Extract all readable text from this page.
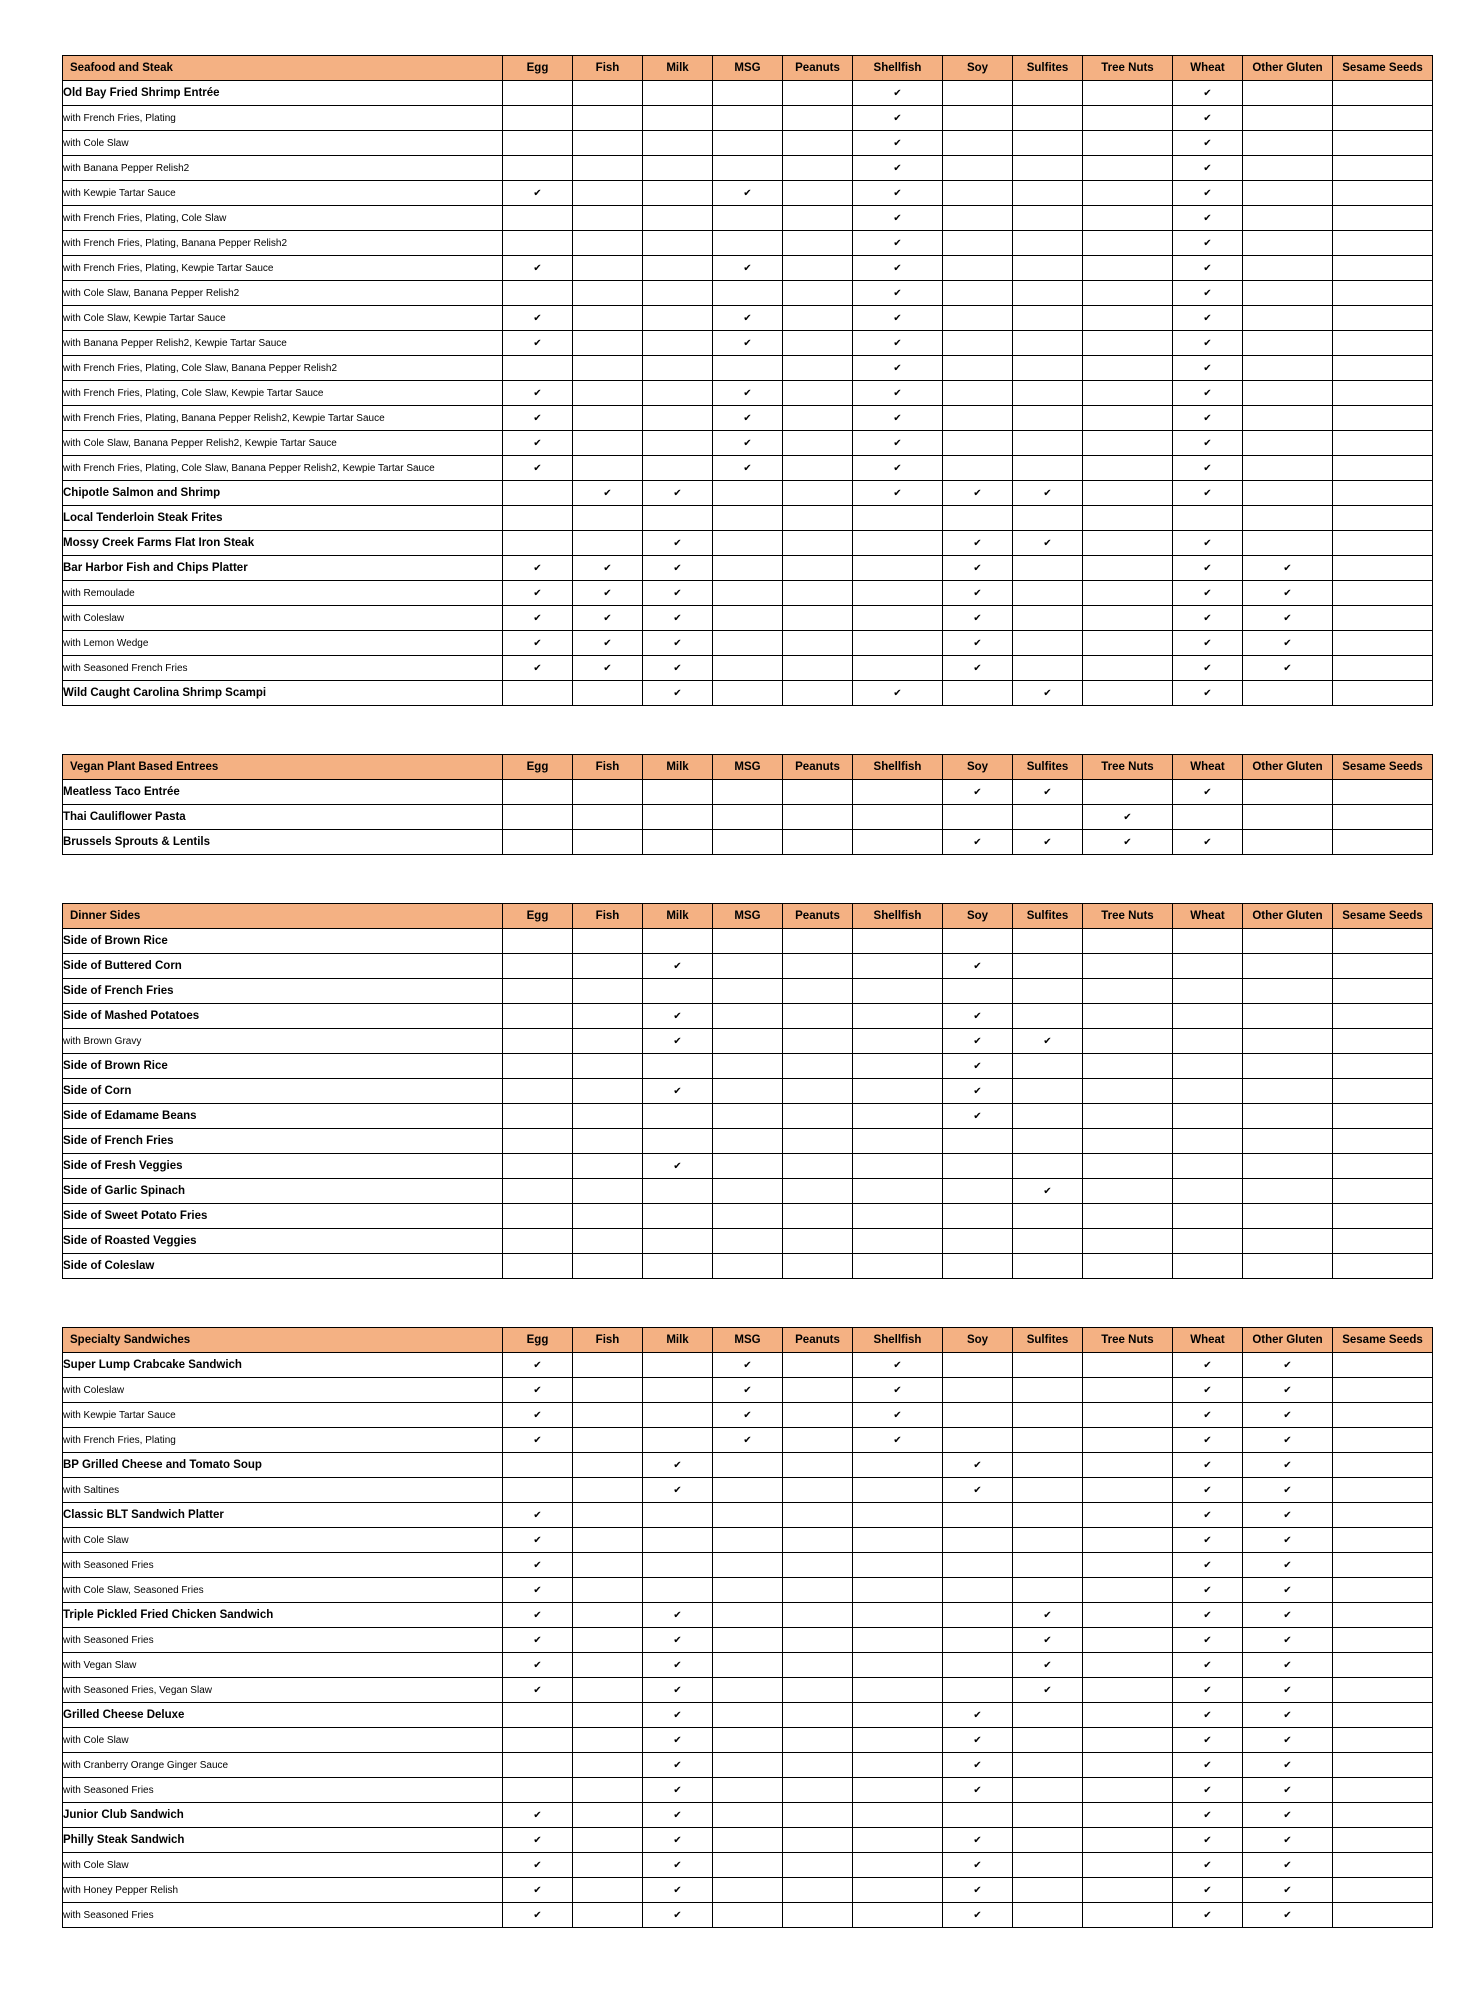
Seafood and Steak	Egg	Fish	Milk	MSG	Peanuts	Shellfish	Soy	Sulfites	Tree Nuts	Wheat	Other Gluten	Sesame Seeds
Old Bay Fried Shrimp Entrée						✔				✔		
with French Fries, Plating						✔				✔		
with Cole Slaw						✔				✔		
with Banana Pepper Relish2						✔				✔		
with Kewpie Tartar Sauce	✔			✔		✔				✔		
with French Fries, Plating, Cole Slaw						✔				✔		
with French Fries, Plating, Banana Pepper Relish2						✔				✔		
with French Fries, Plating, Kewpie Tartar Sauce	✔			✔		✔				✔		
with Cole Slaw, Banana Pepper Relish2						✔				✔		
with Cole Slaw, Kewpie Tartar Sauce	✔			✔		✔				✔		
with Banana Pepper Relish2, Kewpie Tartar Sauce	✔			✔		✔				✔		
with French Fries, Plating, Cole Slaw, Banana Pepper Relish2						✔				✔		
with French Fries, Plating, Cole Slaw, Kewpie Tartar Sauce	✔			✔		✔				✔		
with French Fries, Plating, Banana Pepper Relish2, Kewpie Tartar Sauce	✔			✔		✔				✔		
with Cole Slaw, Banana Pepper Relish2, Kewpie Tartar Sauce	✔			✔		✔				✔		
with French Fries, Plating, Cole Slaw, Banana Pepper Relish2, Kewpie Tartar Sauce	✔			✔		✔				✔		
Chipotle Salmon and Shrimp		✔	✔			✔	✔	✔		✔		
Local Tenderloin Steak Frites												
Mossy Creek Farms Flat Iron Steak			✔				✔	✔		✔		
Bar Harbor Fish and Chips Platter	✔	✔	✔				✔			✔	✔	
with Remoulade	✔	✔	✔				✔			✔	✔	
with Coleslaw	✔	✔	✔				✔			✔	✔	
with Lemon Wedge	✔	✔	✔				✔			✔	✔	
with Seasoned French Fries	✔	✔	✔				✔			✔	✔	
Wild Caught Carolina Shrimp Scampi			✔			✔		✔		✔		
Vegan Plant Based Entrees	Egg	Fish	Milk	MSG	Peanuts	Shellfish	Soy	Sulfites	Tree Nuts	Wheat	Other Gluten	Sesame Seeds
Meatless Taco Entrée							✔	✔		✔		
Thai Cauliflower Pasta									✔			
Brussels Sprouts & Lentils							✔	✔	✔	✔		
Dinner Sides	Egg	Fish	Milk	MSG	Peanuts	Shellfish	Soy	Sulfites	Tree Nuts	Wheat	Other Gluten	Sesame Seeds
Side of Brown Rice												
Side of Buttered Corn			✔				✔					
Side of French Fries												
Side of Mashed Potatoes			✔				✔					
with Brown Gravy			✔				✔	✔				
Side of Brown Rice							✔					
Side of Corn			✔				✔					
Side of Edamame Beans							✔					
Side of French Fries												
Side of Fresh Veggies			✔									
Side of Garlic Spinach								✔				
Side of Sweet Potato Fries												
Side of Roasted Veggies												
Side of Coleslaw												
Specialty Sandwiches	Egg	Fish	Milk	MSG	Peanuts	Shellfish	Soy	Sulfites	Tree Nuts	Wheat	Other Gluten	Sesame Seeds
Super Lump Crabcake Sandwich	✔			✔		✔				✔	✔	
with Coleslaw	✔			✔		✔				✔	✔	
with Kewpie Tartar Sauce	✔			✔		✔				✔	✔	
with French Fries, Plating	✔			✔		✔				✔	✔	
BP Grilled Cheese and Tomato Soup			✔				✔			✔	✔	
with Saltines			✔				✔			✔	✔	
Classic BLT Sandwich Platter	✔									✔	✔	
with Cole Slaw	✔									✔	✔	
with Seasoned Fries	✔									✔	✔	
with Cole Slaw, Seasoned Fries	✔									✔	✔	
Triple Pickled Fried Chicken Sandwich	✔		✔					✔		✔	✔	
with Seasoned Fries	✔		✔					✔		✔	✔	
with Vegan Slaw	✔		✔					✔		✔	✔	
with Seasoned Fries, Vegan Slaw	✔		✔					✔		✔	✔	
Grilled Cheese Deluxe			✔				✔			✔	✔	
with Cole Slaw			✔				✔			✔	✔	
with Cranberry Orange Ginger Sauce			✔				✔			✔	✔	
with Seasoned Fries			✔				✔			✔	✔	
Junior Club Sandwich	✔		✔							✔	✔	
Philly Steak Sandwich	✔		✔				✔			✔	✔	
with Cole Slaw	✔		✔				✔			✔	✔	
with Honey Pepper Relish	✔		✔				✔			✔	✔	
with Seasoned Fries	✔		✔				✔			✔	✔	
